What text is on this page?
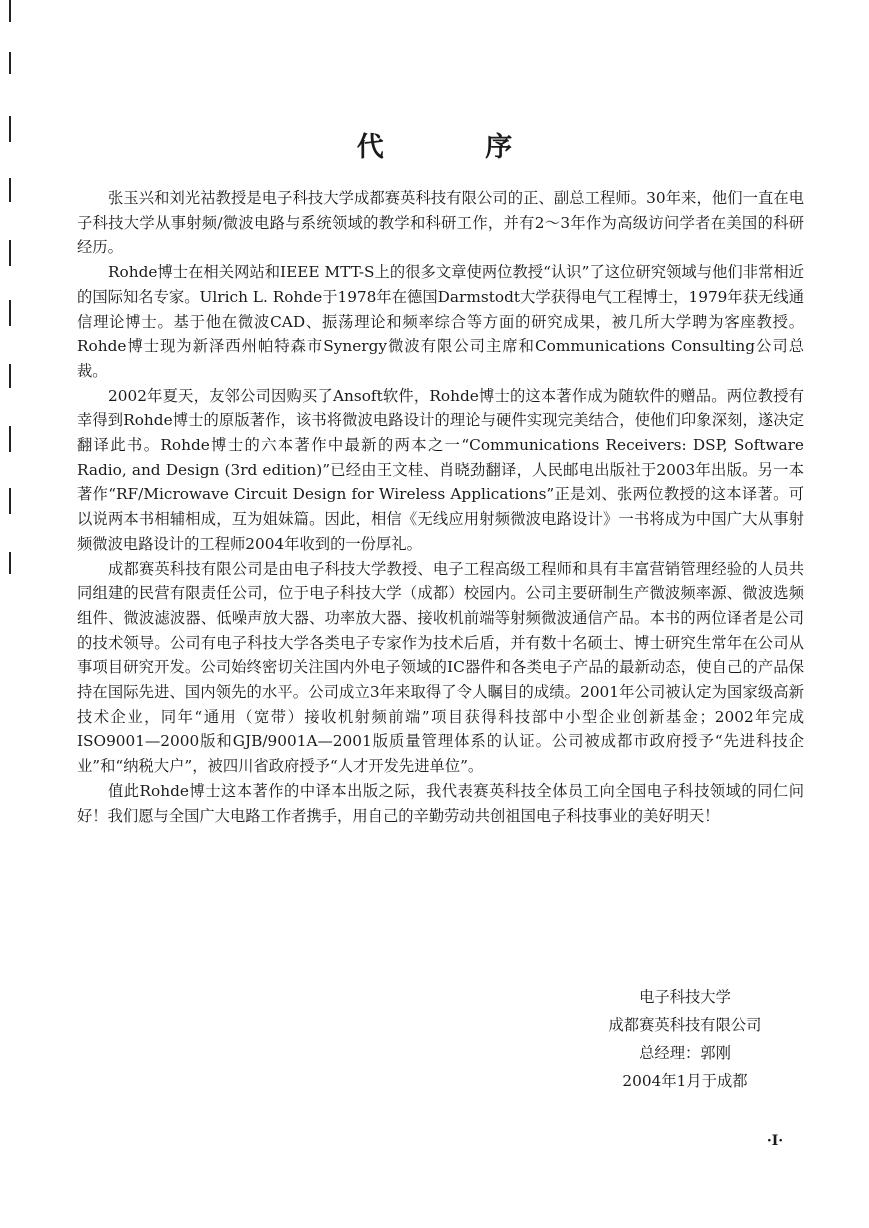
代 序

张玉兴和刘光祜教授是电子科技大学成都赛英科技有限公司的正、副总工程师。30年来，他们一直在电子科技大学从事射频/微波电路与系统领域的教学和科研工作，并有2～3年作为高级访问学者在美国的科研经历。

Rohde博士在相关网站和IEEE MTT-S上的很多文章使两位教授“认识”了这位研究领域与他们非常相近的国际知名专家。Ulrich L. Rohde于1978年在德国Darmstodt大学获得电气工程博士，1979年获无线通信理论博士。基于他在微波CAD、振荡理论和频率综合等方面的研究成果，被几所大学聘为客座教授。Rohde博士现为新泽西州帕特森市Synergy微波有限公司主席和Communications Consulting公司总裁。

2002年夏天，友邻公司因购买了Ansoft软件，Rohde博士的这本著作成为随软件的赠品。两位教授有幸得到Rohde博士的原版著作，该书将微波电路设计的理论与硬件实现完美结合，使他们印象深刻，遂决定翻译此书。Rohde博士的六本著作中最新的两本之一“Communications Receivers: DSP, Software Radio, and Design (3rd edition)”已经由王文桂、肖晓劲翻译，人民邮电出版社于2003年出版。另一本著作“RF/Microwave Circuit Design for Wireless Applications”正是刘、张两位教授的这本译著。可以说两本书相辅相成，互为姐妹篇。因此，相信《无线应用射频微波电路设计》一书将成为中国广大从事射频微波电路设计的工程师2004年收到的一份厚礼。

成都赛英科技有限公司是由电子科技大学教授、电子工程高级工程师和具有丰富营销管理经验的人员共同组建的民营有限责任公司，位于电子科技大学（成都）校园内。公司主要研制生产微波频率源、微波选频组件、微波滤波器、低噪声放大器、功率放大器、接收机前端等射频微波通信产品。本书的两位译者是公司的技术领导。公司有电子科技大学各类电子专家作为技术后盾，并有数十名硕士、博士研究生常年在公司从事项目研究开发。公司始终密切关注国内外电子领域的IC器件和各类电子产品的最新动态，使自己的产品保持在国际先进、国内领先的水平。公司成立3年来取得了令人瞩目的成绩。2001年公司被认定为国家级高新技术企业，同年“通用（宽带）接收机射频前端”项目获得科技部中小型企业创新基金；2002年完成ISO9001—2000版和GJB/9001A—2001版质量管理体系的认证。公司被成都市政府授予“先进科技企业”和“纳税大户”，被四川省政府授予“人才开发先进单位”。

值此Rohde博士这本著作的中译本出版之际，我代表赛英科技全体员工向全国电子科技领域的同仁问好！我们愿与全国广大电路工作者携手，用自己的辛勤劳动共创祖国电子科技事业的美好明天！

电子科技大学
成都赛英科技有限公司
总经理：郭刚
2004年1月于成都
·I·
